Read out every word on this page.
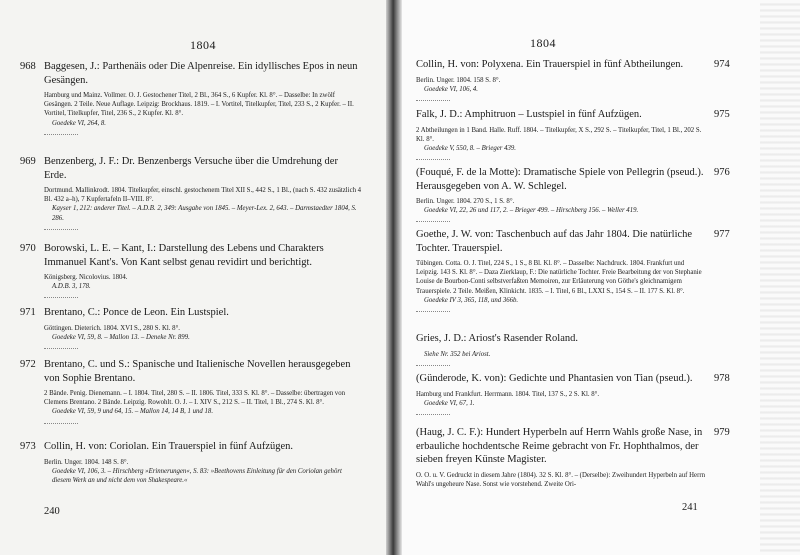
1804
968 Baggesen, J.: Parthenäis oder Die Alpenreise. Ein idyllisches Epos in neun Gesängen.
Hamburg und Mainz. Vollmer. O. J. Gestochener Titel, 2 Bl., 364 S., 6 Kupfer. Kl. 8°. – Dasselbe: In zwölf Gesängen. 2 Teile. Neue Auflage. Leipzig: Brockhaus. 1819. – I. Vortitel, Titelkupfer, Titel, 233 S., 2 Kupfer. – II. Vortitel, Titelkupfer, Titel, 236 S., 2 Kupfer. Kl. 8°.
Goedeke VI, 264, 8.
969 Benzenberg, J. F.: Dr. Benzenbergs Versuche über die Umdrehung der Erde.
Dortmund. Mallinkrodt. 1804. Titelkupfer, einschl. gestochenem Titel XII S., 442 S., 1 Bl., (nach S. 432 zusätzlich 4 Bl. 432 a–h), 7 Kupfertafeln II–VIII. 8°.
Kayser 1, 212: anderer Titel. – A.D.B. 2, 349: Ausgabe von 1845. – Meyer-Lex. 2, 643. – Darmstaedter 1804, S. 286.
970 Borowski, L. E. – Kant, I.: Darstellung des Lebens und Charakters Immanuel Kant's. Von Kant selbst genau revidirt und berichtigt.
Königsberg. Nicolovius. 1804.
A.D.B. 3, 178.
971 Brentano, C.: Ponce de Leon. Ein Lustspiel.
Göttingen. Dieterich. 1804. XVI S., 280 S. Kl. 8°.
Goedeke VI, 59, 8. – Mallon 13. – Deneke Nr. 899.
972 Brentano, C. und S.: Spanische und Italienische Novellen herausgegeben von Sophie Brentano.
2 Bände. Penig. Dienemann. – I. 1804. Titel, 280 S. – II. 1806. Titel, 333 S. Kl. 8°. – Dasselbe: übertragen von Clemens Brentano. 2 Bände. Leipzig. Rowohlt. O. J. – I. XIV S., 212 S. – II. Titel, 1 Bl., 274 S. Kl. 8°.
Goedeke VI, 59, 9 und 64, 15. – Mallon 14, 14 B, 1 und 18.
973 Collin, H. von: Coriolan. Ein Trauerspiel in fünf Aufzügen.
Berlin. Unger. 1804. 148 S. 8°.
Goedeke VI, 106, 3. – Hirschberg »Erinnerungen«, S. 83: »Beethovens Einleitung für den Coriolan gehört diesem Werk an und nicht dem von Shakespeare.«
240
1804
974
Collin, H. von: Polyxena. Ein Trauerspiel in fünf Abtheilungen.
Berlin. Unger. 1804. 158 S. 8°.
Goedeke VI, 106, 4.
975
Falk, J. D.: Amphitruon – Lustspiel in fünf Aufzügen.
2 Abtheilungen in 1 Band. Halle. Ruff. 1804. – Titelkupfer, X S., 292 S. – Titelkupfer, Titel, 1 Bl., 202 S. Kl. 8°.
Goedeke V, 550, 8. – Brieger 439.
976
(Fouqué, F. de la Motte): Dramatische Spiele von Pellegrin (pseud.). Herausgegeben von A. W. Schlegel.
Berlin. Unger. 1804. 270 S., 1 S. 8°.
Goedeke VI, 22, 26 und 117, 2. – Brieger 499. – Hirschberg 156. – Weller 419.
977
Goethe, J. W. von: Taschenbuch auf das Jahr 1804. Die natürliche Tochter. Trauerspiel.
Tübingen. Cotta. O. J. Titel, 224 S., 1 S., 8 Bl. Kl. 8°. – Dasselbe: Nachdruck. 1804. Frankfurt und Leipzig. 143 S. Kl. 8°. – Daza Zierklaup, F.: Die natürliche Tochter. Freie Bearbeitung der von Stephanie Louise de Bourbon-Conti selbstverfaßten Memoiren, zur Erläuterung von Göthe's gleichnamigem Trauerspiele. 2 Teile. Meißen, Klinkicht. 1835. – I. Titel, 6 Bl., LXXI S., 154 S. – II. 177 S. Kl. 8°.
Goedeke IV 3, 365, 118, und 366b.
Gries, J. D.: Ariost's Rasender Roland.
Siehe Nr. 352 bei Ariost.
978
(Günderode, K. von): Gedichte und Phantasien von Tian (pseud.).
Hamburg und Frankfurt. Herrmann. 1804. Titel, 137 S., 2 S. Kl. 8°.
Goedeke VI, 67, 1.
979
(Haug, J. C. F.): Hundert Hyperbeln auf Herrn Wahls große Nase, in erbauliche hochdentsche Reime gebracht von Fr. Hophthalmos, der sieben freyen Künste Magister.
O. O. u. V. Gedruckt in diesem Jahre (1804). 32 S. Kl. 8°. – (Derselbe): Zweihundert Hyperbeln auf Herrn Wahl's ungeheure Nase. Sonst wie vorstehend. Zweite Ori-
241
